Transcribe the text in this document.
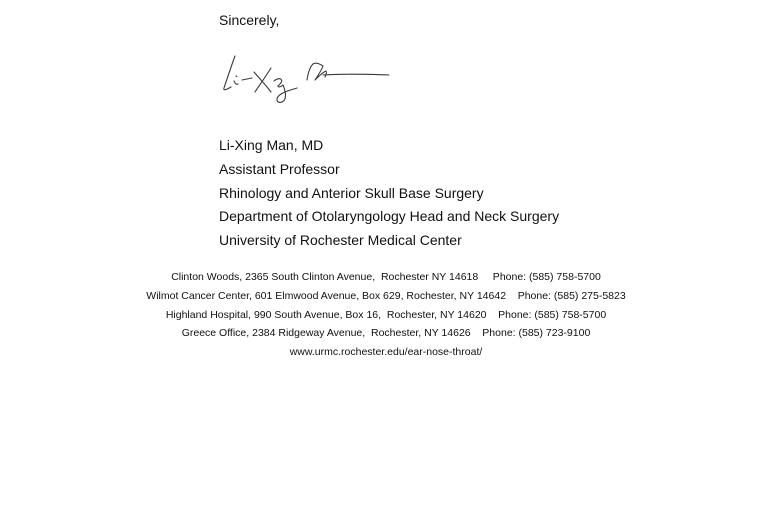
Sincerely,
Li-Xing Man, MD
Assistant Professor
Rhinology and Anterior Skull Base Surgery
Department of Otolaryngology Head and Neck Surgery
University of Rochester Medical Center
Clinton Woods, 2365 South Clinton Avenue,  Rochester NY 14618     Phone: (585) 758-5700
Wilmot Cancer Center, 601 Elmwood Avenue, Box 629, Rochester, NY 14642    Phone: (585) 275-5823
Highland Hospital, 990 South Avenue, Box 16,  Rochester, NY 14620    Phone: (585) 758-5700
Greece Office, 2384 Ridgeway Avenue,  Rochester, NY 14626    Phone: (585) 723-9100
www.urmc.rochester.edu/ear-nose-throat/
